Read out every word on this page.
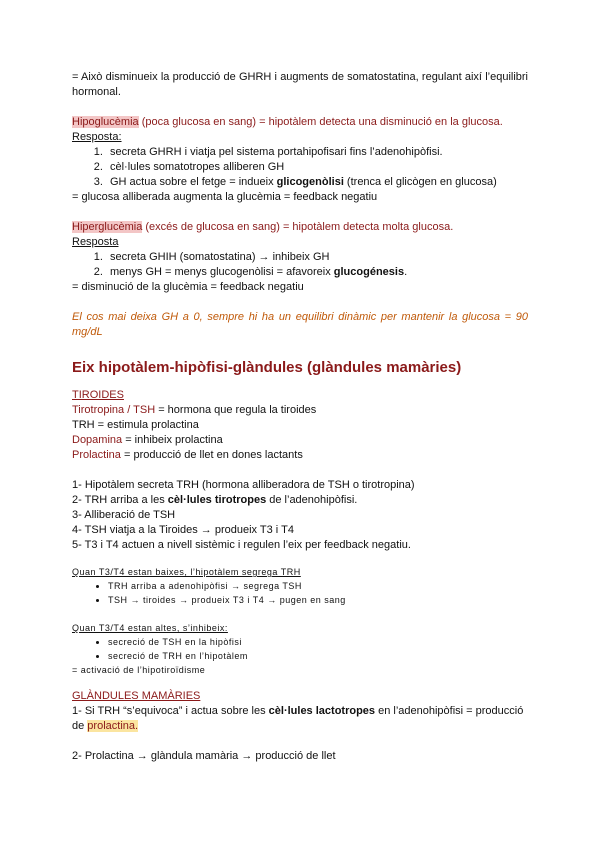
= Això disminueix la producció de GHRH i augments de somatostatina, regulant així l’equilibri hormonal.

Hipoglucèmia (poca glucosa en sang) = hipotàlem detecta una disminució en la glucosa.

Resposta:

1. secreta GHRH i viatja pel sistema portahipofisari fins l’adenohipòfisi.
2. cèl·lules somatotropes alliberen GH
3. GH actua sobre el fetge = indueix glicogenòlisi (trenca el glicògen en glucosa)

= glucosa alliberada augmenta la glucèmia = feedback negatiu

Hiperglucèmia (excés de glucosa en sang) = hipotàlem detecta molta glucosa.

Resposta

1. secreta GHIH (somatostatina) → inhibeix GH
2. menys GH = menys glucogenòlisi = afavoreix glucogénesis.

= disminució de la glucèmia = feedback negatiu

El cos mai deixa GH a 0, sempre hi ha un equilibri dinàmic per mantenir la glucosa = 90 mg/dL

Eix hipotàlem-hipòfisi-glàndules (glàndules mamàries)

TIROIDES

Tirotropina / TSH = hormona que regula la tiroides

TRH = estimula prolactina

Dopamina = inhibeix prolactina

Prolactina = producció de llet en dones lactants

1- Hipotàlem secreta TRH (hormona alliberadora de TSH o tirotropina)

2- TRH arriba a les cèl·lules tirotropes de l’adenohipòfisi.

3- Alliberació de TSH

4- TSH viatja a la Tiroides → produeix T3 i T4

5- T3 i T4 actuen a nivell sistèmic i regulen l’eix per feedback negatiu.

Quan T3/T4 estan baixes, l’hipotàlem segrega TRH

• TRH arriba a adenohipòfisi → segrega TSH
• TSH → tiroides → produeix T3 i T4 → pugen en sang

Quan T3/T4 estan altes, s’inhibeix:

• secreció de TSH en la hipòfisi
• secreció de TRH en l’hipotàlem

= activació de l’hipotiroïdisme

GLÀNDULES MAMÀRIES

1- Si TRH “s’equivoca” i actua sobre les cèl·lules lactotropes en l’adenohipòfisi = producció de prolactina.

2- Prolactina → glàndula mamària → producció de llet
